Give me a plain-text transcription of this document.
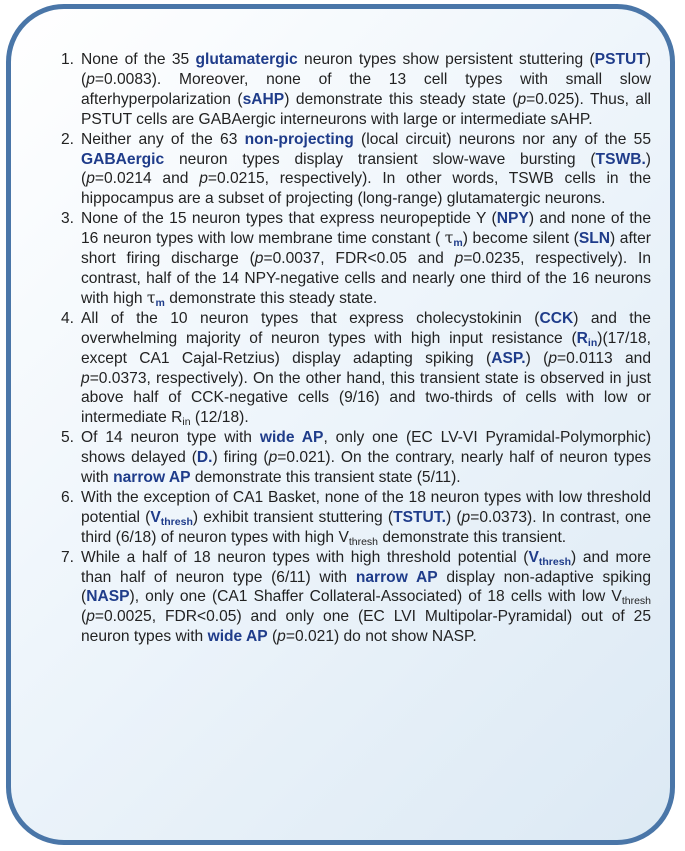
1. None of the 35 glutamatergic neuron types show persistent stuttering (PSTUT) (p=0.0083). Moreover, none of the 13 cell types with small slow afterhyperpolarization (sAHP) demonstrate this steady state (p=0.025). Thus, all PSTUT cells are GABAergic interneurons with large or intermediate sAHP.
2. Neither any of the 63 non-projecting (local circuit) neurons nor any of the 55 GABAergic neuron types display transient slow-wave bursting (TSWB.) (p=0.0214 and p=0.0215, respectively). In other words, TSWB cells in the hippocampus are a subset of projecting (long-range) glutamatergic neurons.
3. None of the 15 neuron types that express neuropeptide Y (NPY) and none of the 16 neuron types with low membrane time constant ( $\tau_m$) become silent (SLN) after short firing discharge (p=0.0037, FDR<0.05 and p=0.0235, respectively). In contrast, half of the 14 NPY-negative cells and nearly one third of the 16 neurons with high $\tau_m$ demonstrate this steady state.
4. All of the 10 neuron types that express cholecystokinin (CCK) and the overwhelming majority of neuron types with high input resistance $(R_{in})(17/18$, except CA1 Cajal-Retzius) display adapting spiking (ASP.) (p=0.0113 and p=0.0373, respectively). On the other hand, this transient state is observed in just above half of CCK-negative cells (9/16) and two-thirds of cells with low or intermediate $R_{in}$ (12/18).
5. Of 14 neuron type with wide AP, only one (EC LV-VI Pyramidal-Polymorphic) shows delayed (D.) firing (p=0.021). On the contrary, nearly half of neuron types with narrow AP demonstrate this transient state (5/11).
6. With the exception of CA1 Basket, none of the 18 neuron types with low threshold potential $(V_{thresh})$ exhibit transient stuttering (TSTUT.) (p=0.0373). In contrast, one third (6/18) of neuron types with high $V_{thresh}$ demonstrate this transient.
7. While a half of 18 neuron types with high threshold potential $(V_{thresh})$ and more than half of neuron type (6/11) with narrow AP display non-adaptive spiking (NASP), only one (CA1 Shaffer Collateral-Associated) of 18 cells with low $V_{thresh}$ (p=0.0025, FDR<0.05) and only one (EC LVI Multipolar-Pyramidal) out of 25 neuron types with wide AP (p=0.021) do not show NASP.
